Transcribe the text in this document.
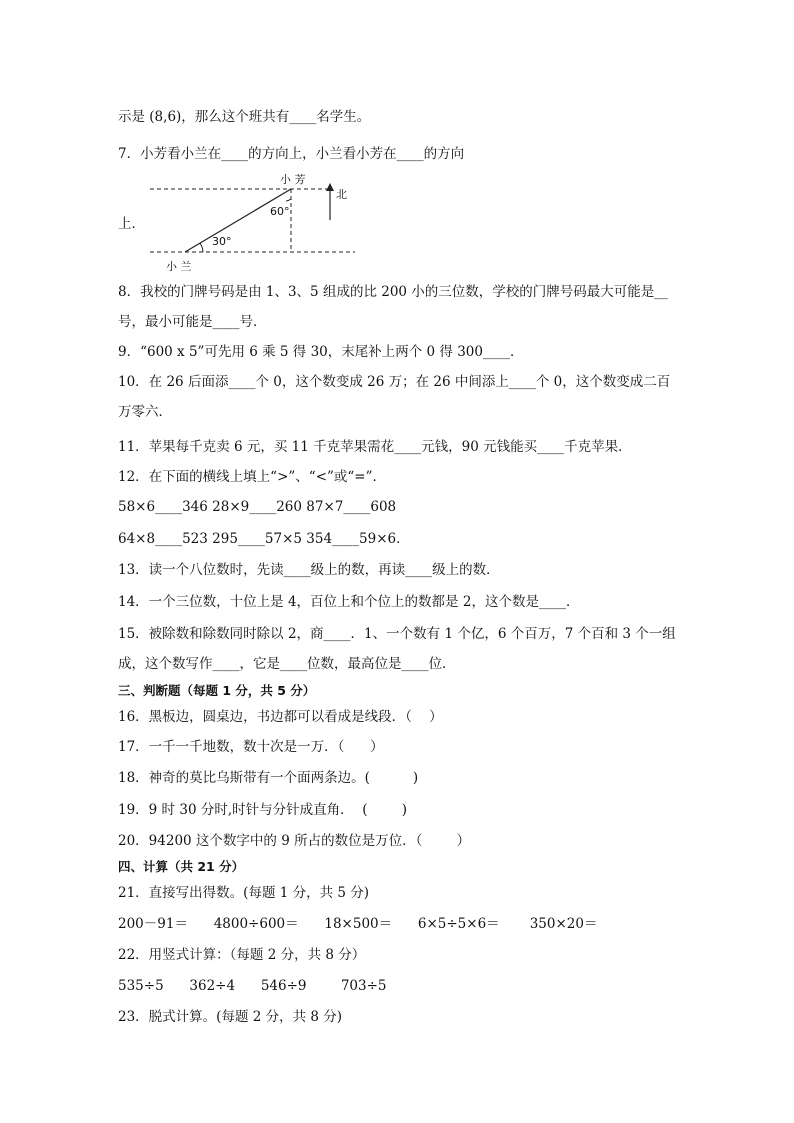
示是 (8,6)，那么这个班共有____名学生。
7．小芳看小兰在____的方向上，小兰看小芳在____的方向
小 芳
60°
30°
北
小 兰
上．
8．我校的门牌号码是由 1、3、5 组成的比 200 小的三位数，学校的门牌号码最大可能是__
号，最小可能是____号．
9．“600 x 5”可先用 6 乘 5 得 30，末尾补上两个 0 得 300____．
10．在 26 后面添____个 0，这个数变成 26 万；在 26 中间添上____个 0，这个数变成二百
万零六．
11．苹果每千克卖 6 元，买 11 千克苹果需花____元钱，90 元钱能买____千克苹果．
12．在下面的横线上填上“>”、“<”或“=”．
58×6____346 28×9____260 87×7____608
64×8____523 295____57×5 354____59×6．
13．读一个八位数时，先读____级上的数，再读____级上的数．
14．一个三位数，十位上是 4，百位上和个位上的数都是 2，这个数是____．
15．被除数和除数同时除以 2，商____．1、一个数有 1 个亿，6 个百万，7 个百和 3 个一组
成，这个数写作____，它是____位数，最高位是____位．
三、判断题（每题 1 分，共 5 分）
16．黑板边，圆桌边，书边都可以看成是线段．（    ）
17．一千一千地数，数十次是一万．（      ）
18．神奇的莫比乌斯带有一个面两条边。(          )
19．9 时 30 分时,时针与分针成直角．  (        )
20．94200 这个数字中的 9 所占的数位是万位．（        ）
四、计算（共 21 分）
21．直接写出得数。(每题 1 分，共 5 分)
200－91＝      4800÷600＝      18×500＝      6×5÷5×6＝       350×20＝
22．用竖式计算：（每题 2 分，共 8 分）
535÷5      362÷4      546÷9        703÷5
23．脱式计算。(每题 2 分，共 8 分)
